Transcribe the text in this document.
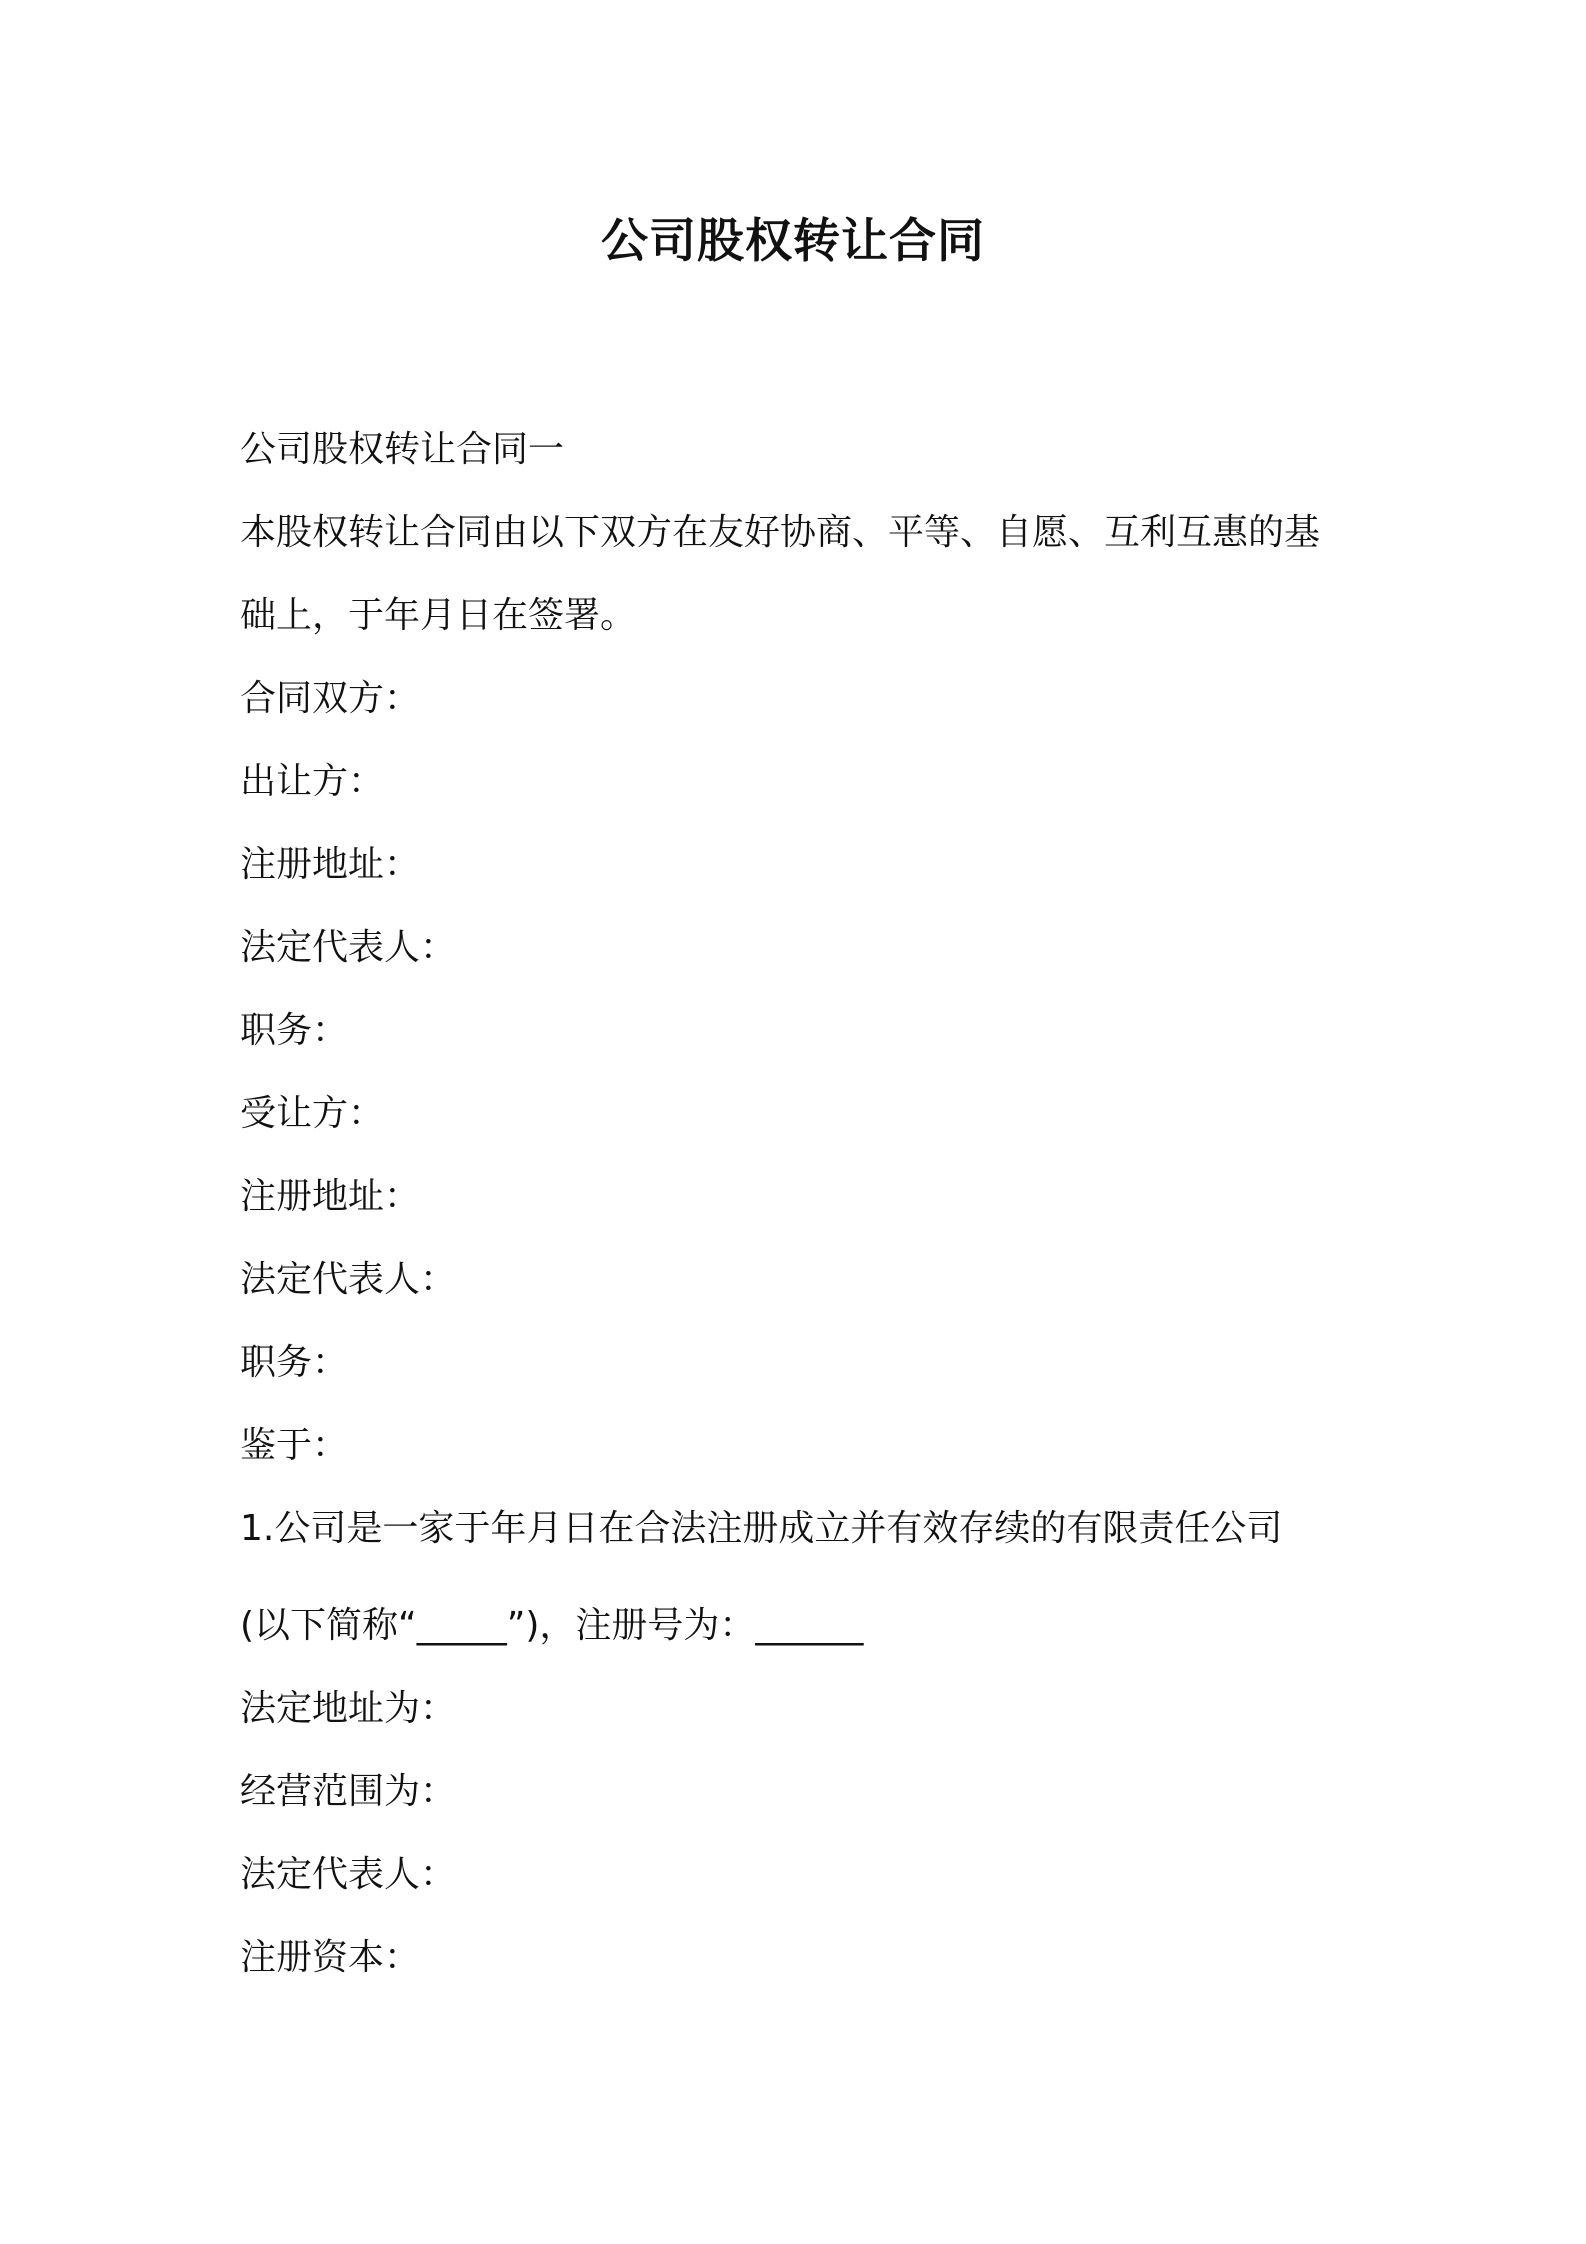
公司股权转让合同

公司股权转让合同一

本股权转让合同由以下双方在友好协商、平等、自愿、互利互惠的基

础上，于年月日在签署。

合同双方：

出让方：

注册地址：

法定代表人：

职务：

受让方：

注册地址：

法定代表人：

职务：

鉴于：

1.公司是一家于年月日在合法注册成立并有效存续的有限责任公司

(以下简称“_____”)，注册号为：______

法定地址为：

经营范围为：

法定代表人：

注册资本：
